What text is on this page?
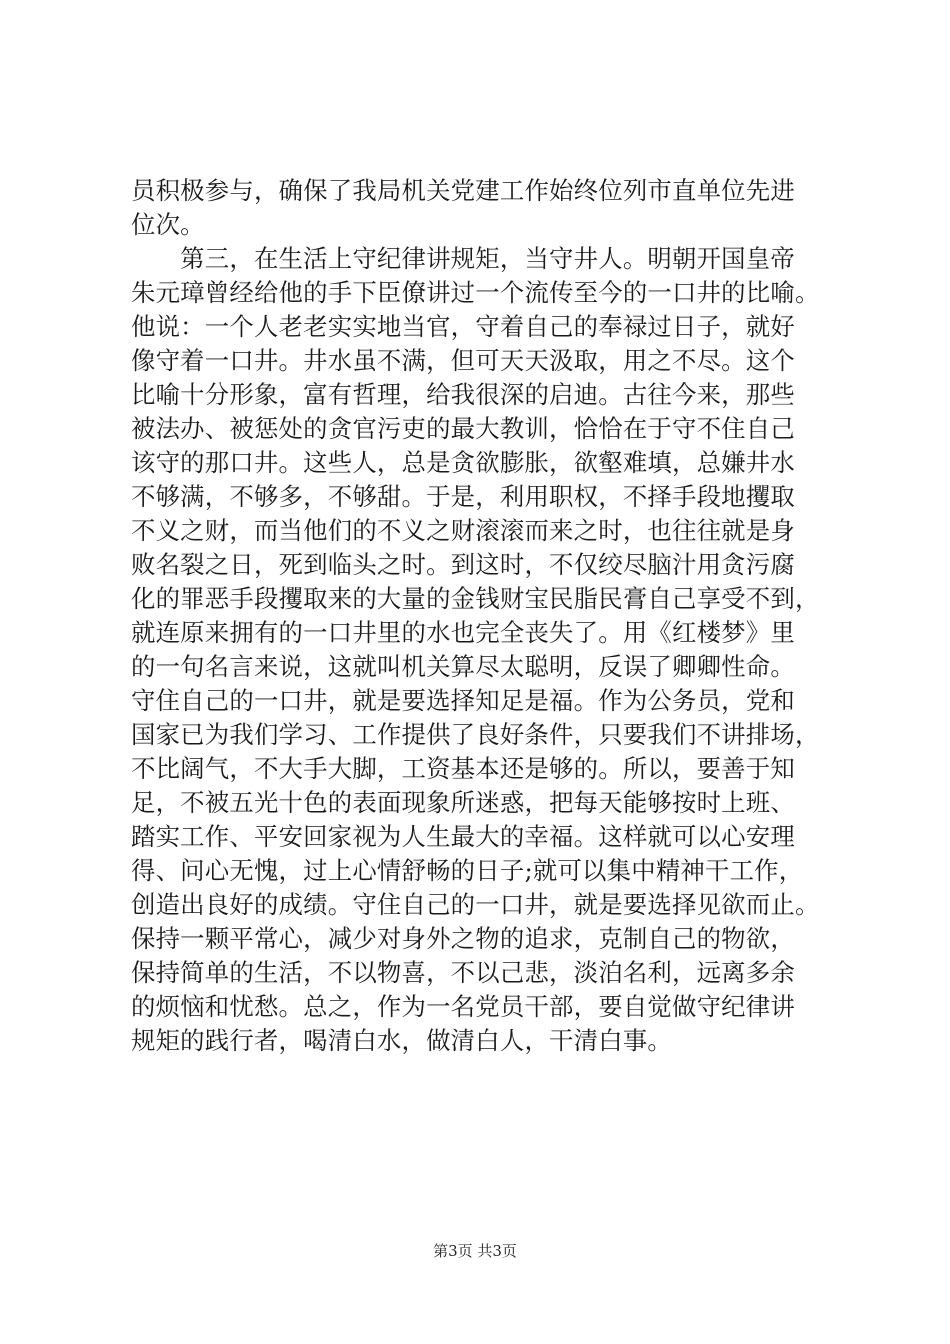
员积极参与，确保了我局机关党建工作始终位列市直单位先进
位次。
　　第三，在生活上守纪律讲规矩，当守井人。明朝开国皇帝
朱元璋曾经给他的手下臣僚讲过一个流传至今的一口井的比喻。
他说：一个人老老实实地当官，守着自己的奉禄过日子，就好
像守着一口井。井水虽不满，但可天天汲取，用之不尽。这个
比喻十分形象，富有哲理，给我很深的启迪。古往今来，那些
被法办、被惩处的贪官污吏的最大教训，恰恰在于守不住自己
该守的那口井。这些人，总是贪欲膨胀，欲壑难填，总嫌井水
不够满，不够多，不够甜。于是，利用职权，不择手段地攫取
不义之财，而当他们的不义之财滚滚而来之时，也往往就是身
败名裂之日，死到临头之时。到这时，不仅绞尽脑汁用贪污腐
化的罪恶手段攫取来的大量的金钱财宝民脂民膏自己享受不到，
就连原来拥有的一口井里的水也完全丧失了。用《红楼梦》里
的一句名言来说，这就叫机关算尽太聪明，反误了卿卿性命。
守住自己的一口井，就是要选择知足是福。作为公务员，党和
国家已为我们学习、工作提供了良好条件，只要我们不讲排场，
不比阔气，不大手大脚，工资基本还是够的。所以，要善于知
足，不被五光十色的表面现象所迷惑，把每天能够按时上班、
踏实工作、平安回家视为人生最大的幸福。这样就可以心安理
得、问心无愧，过上心情舒畅的日子;就可以集中精神干工作，
创造出良好的成绩。守住自己的一口井，就是要选择见欲而止。
保持一颗平常心，减少对身外之物的追求，克制自己的物欲，
保持简单的生活，不以物喜，不以己悲，淡泊名利，远离多余
的烦恼和忧愁。总之，作为一名党员干部，要自觉做守纪律讲
规矩的践行者，喝清白水，做清白人，干清白事。
第3页 共3页
